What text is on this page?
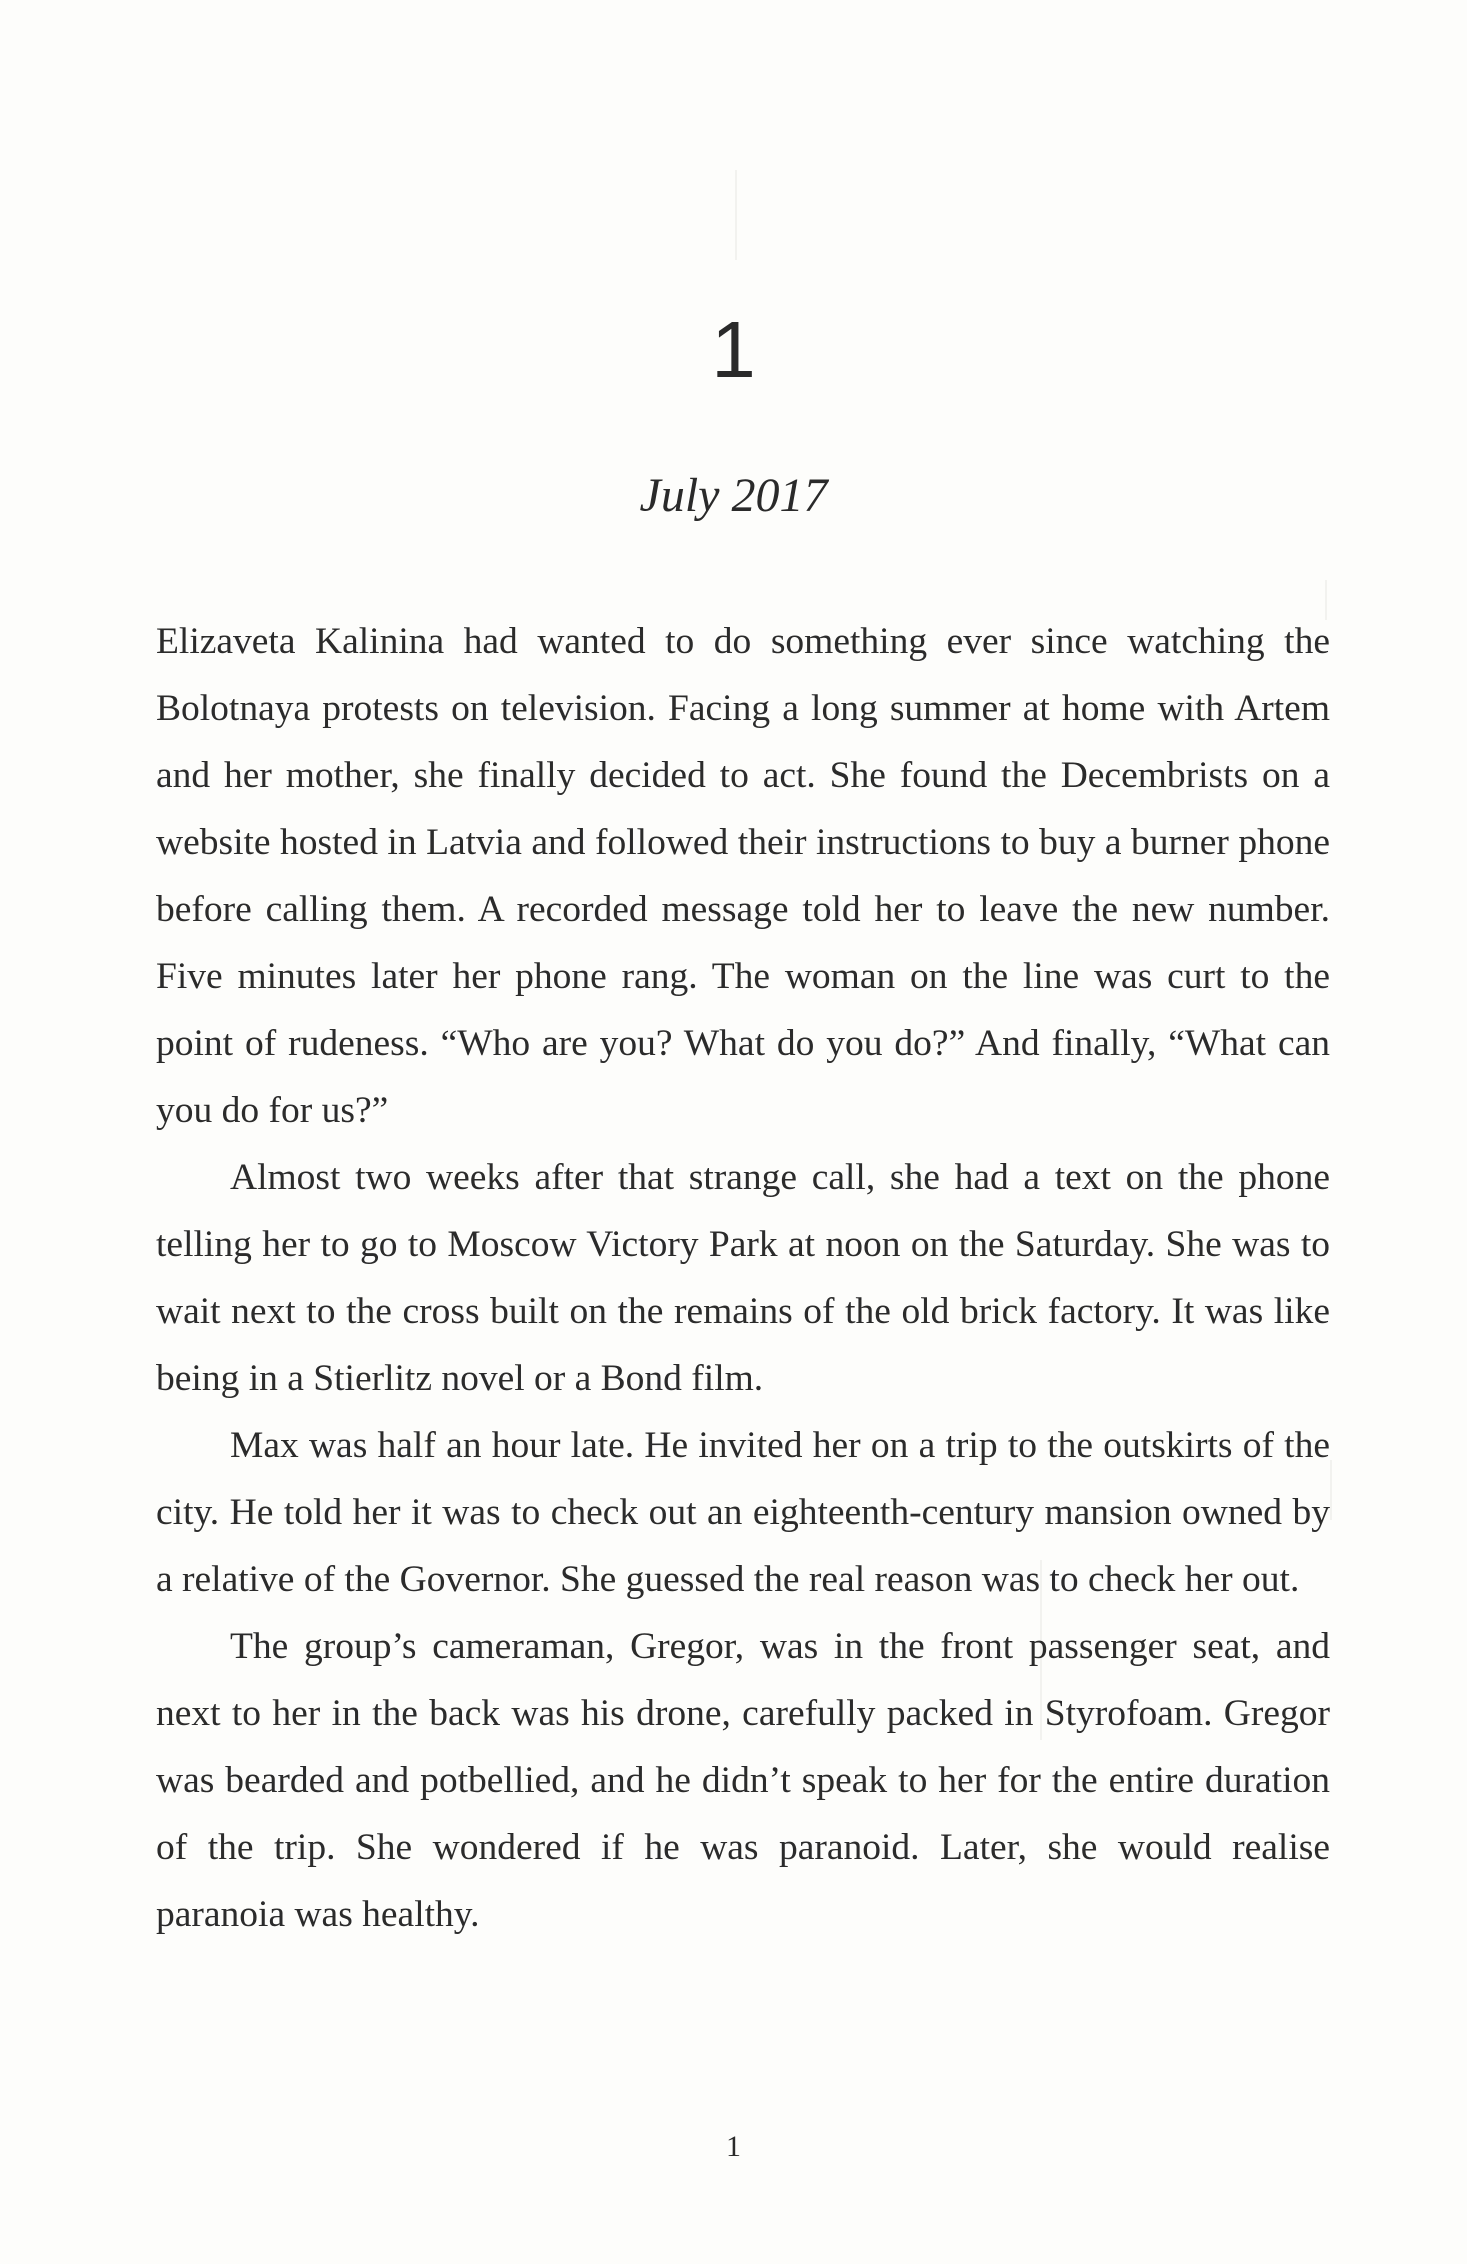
1
July 2017

Elizaveta Kalinina had wanted to do something ever since watching the Bolotnaya protests on television. Facing a long summer at home with Artem and her mother, she finally decided to act. She found the Decembrists on a website hosted in Latvia and followed their instructions to buy a burner phone before calling them. A recorded message told her to leave the new number. Five minutes later her phone rang. The woman on the line was curt to the point of rudeness. “Who are you? What do you do?” And finally, “What can you do for us?”

Almost two weeks after that strange call, she had a text on the phone telling her to go to Moscow Victory Park at noon on the Saturday. She was to wait next to the cross built on the remains of the old brick factory. It was like being in a Stierlitz novel or a Bond film.

Max was half an hour late. He invited her on a trip to the outskirts of the city. He told her it was to check out an eighteenth-century mansion owned by a relative of the Governor. She guessed the real reason was to check her out.

The group’s cameraman, Gregor, was in the front passenger seat, and next to her in the back was his drone, carefully packed in Styrofoam. Gregor was bearded and potbellied, and he didn’t speak to her for the entire duration of the trip. She wondered if he was paranoid. Later, she would realise paranoia was healthy.

1
